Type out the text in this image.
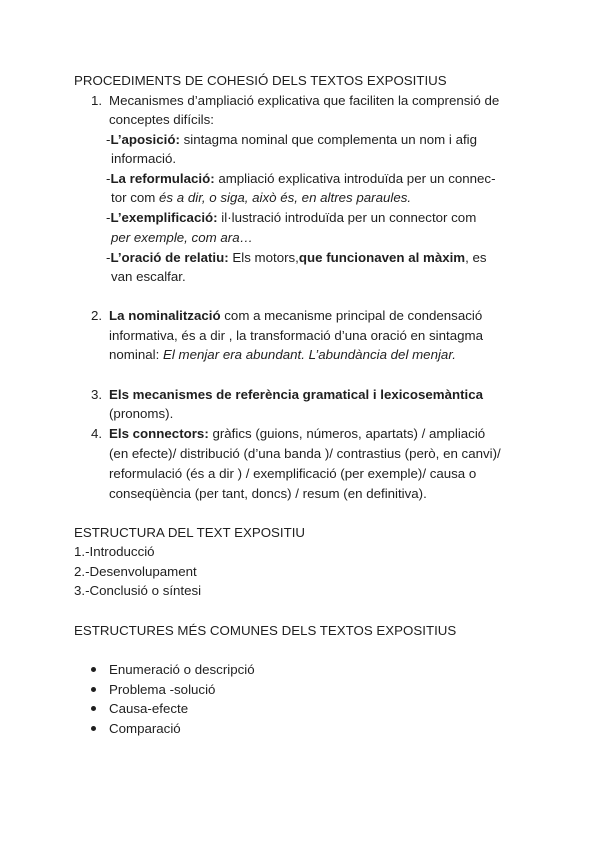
PROCEDIMENTS DE COHESIÓ DELS TEXTOS EXPOSITIUS
1. Mecanismes d’ampliació explicativa que faciliten la comprensió de
conceptes difícils:
-L’aposició: sintagma nominal que complementa un nom i afig
informació.
-La reformulació: ampliació explicativa introduïda per un connec-
tor com és a dir, o siga, això és, en altres paraules.
-L’exemplificació: il·lustració introduïda per un connector com
per exemple, com ara…
-L’oració de relatiu: Els motors,que funcionaven al màxim, es
van escalfar.
2. La nominalització com a mecanisme principal de condensació
informativa, és a dir , la transformació d’una oració en sintagma
nominal: El menjar era abundant. L’abundància del menjar.
3. Els mecanismes de referència gramatical i lexicosemàntica
(pronoms).
4. Els connectors: gràfics (guions, números, apartats) / ampliació
(en efecte)/ distribució (d’una banda )/ contrastius (però, en canvi)/
reformulació (és a dir ) / exemplificació (per exemple)/ causa o
conseqüència (per tant, doncs) / resum (en definitiva).
ESTRUCTURA DEL TEXT EXPOSITIU
1.-Introducció
2.-Desenvolupament
3.-Conclusió o síntesi
ESTRUCTURES MÉS COMUNES DELS TEXTOS EXPOSITIUS
Enumeració o descripció
Problema -solució
Causa-efecte
Comparació
